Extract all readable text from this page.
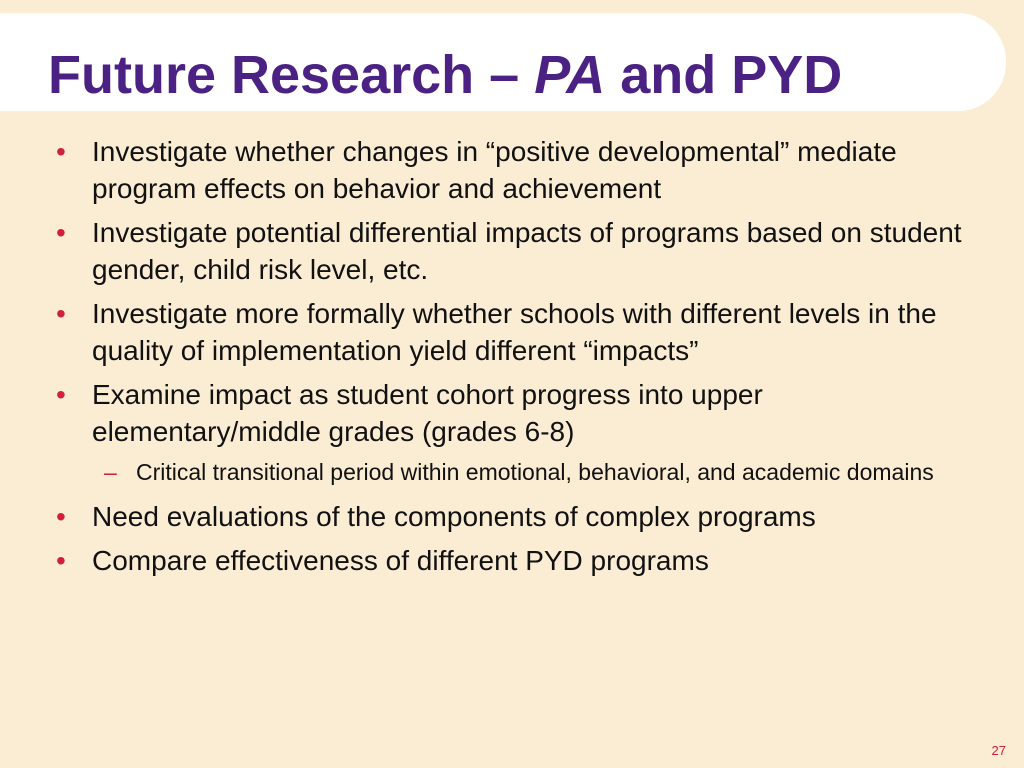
Future Research – PA and PYD
• Investigate whether changes in “positive developmental” mediate program effects on behavior and achievement
• Investigate potential differential impacts of programs based on student gender, child risk level, etc.
• Investigate more formally whether schools with different levels in the quality of implementation yield different “impacts”
• Examine impact as student cohort progress into upper elementary/middle grades (grades 6-8)
– Critical transitional period within emotional, behavioral, and academic domains
• Need evaluations of the components of complex programs
• Compare effectiveness of different PYD programs
27
